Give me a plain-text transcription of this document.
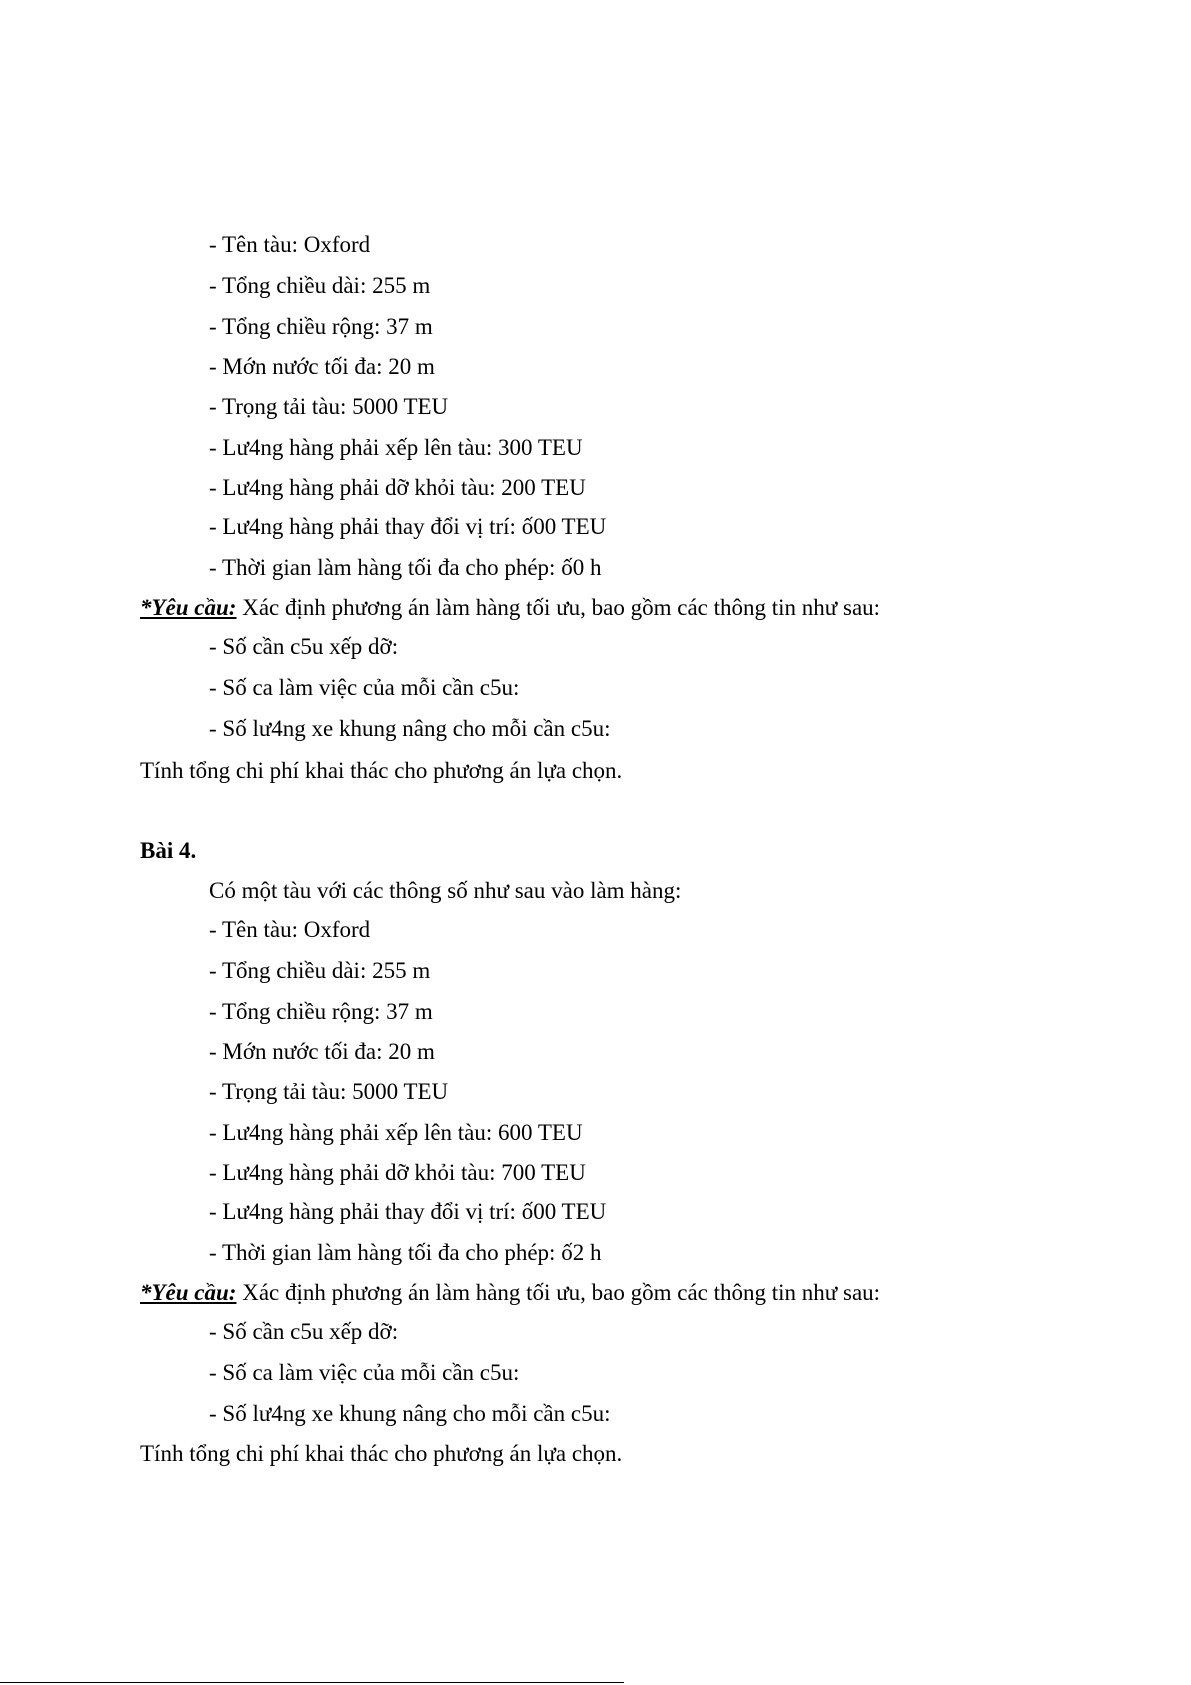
- Tên tàu: Oxford
- Tổng chiều dài: 255 m
- Tổng chiều rộng: 37 m
- Mớn nước tối đa: 20 m
- Trọng tải tàu: 5000 TEU
- Lư4ng hàng phải xếp lên tàu: 300 TEU
- Lư4ng hàng phải dỡ khỏi tàu: 200 TEU
- Lư4ng hàng phải thay đổi vị trí: ố00 TEU
- Thời gian làm hàng tối đa cho phép: ố0 h
*Yêu cầu: Xác định phương án làm hàng tối ưu, bao gồm các thông tin như sau:
- Số cần c5u xếp dỡ:
- Số ca làm việc của mỗi cần c5u:
- Số lư4ng xe khung nâng cho mỗi cần c5u:
Tính tổng chi phí khai thác cho phương án lựa chọn.
Bài 4.
Có một tàu với các thông số như sau vào làm hàng:
- Tên tàu: Oxford
- Tổng chiều dài: 255 m
- Tổng chiều rộng: 37 m
- Mớn nước tối đa: 20 m
- Trọng tải tàu: 5000 TEU
- Lư4ng hàng phải xếp lên tàu: 600 TEU
- Lư4ng hàng phải dỡ khỏi tàu: 700 TEU
- Lư4ng hàng phải thay đổi vị trí: ố00 TEU
- Thời gian làm hàng tối đa cho phép: ố2 h
*Yêu cầu: Xác định phương án làm hàng tối ưu, bao gồm các thông tin như sau:
- Số cần c5u xếp dỡ:
- Số ca làm việc của mỗi cần c5u:
- Số lư4ng xe khung nâng cho mỗi cần c5u:
Tính tổng chi phí khai thác cho phương án lựa chọn.
